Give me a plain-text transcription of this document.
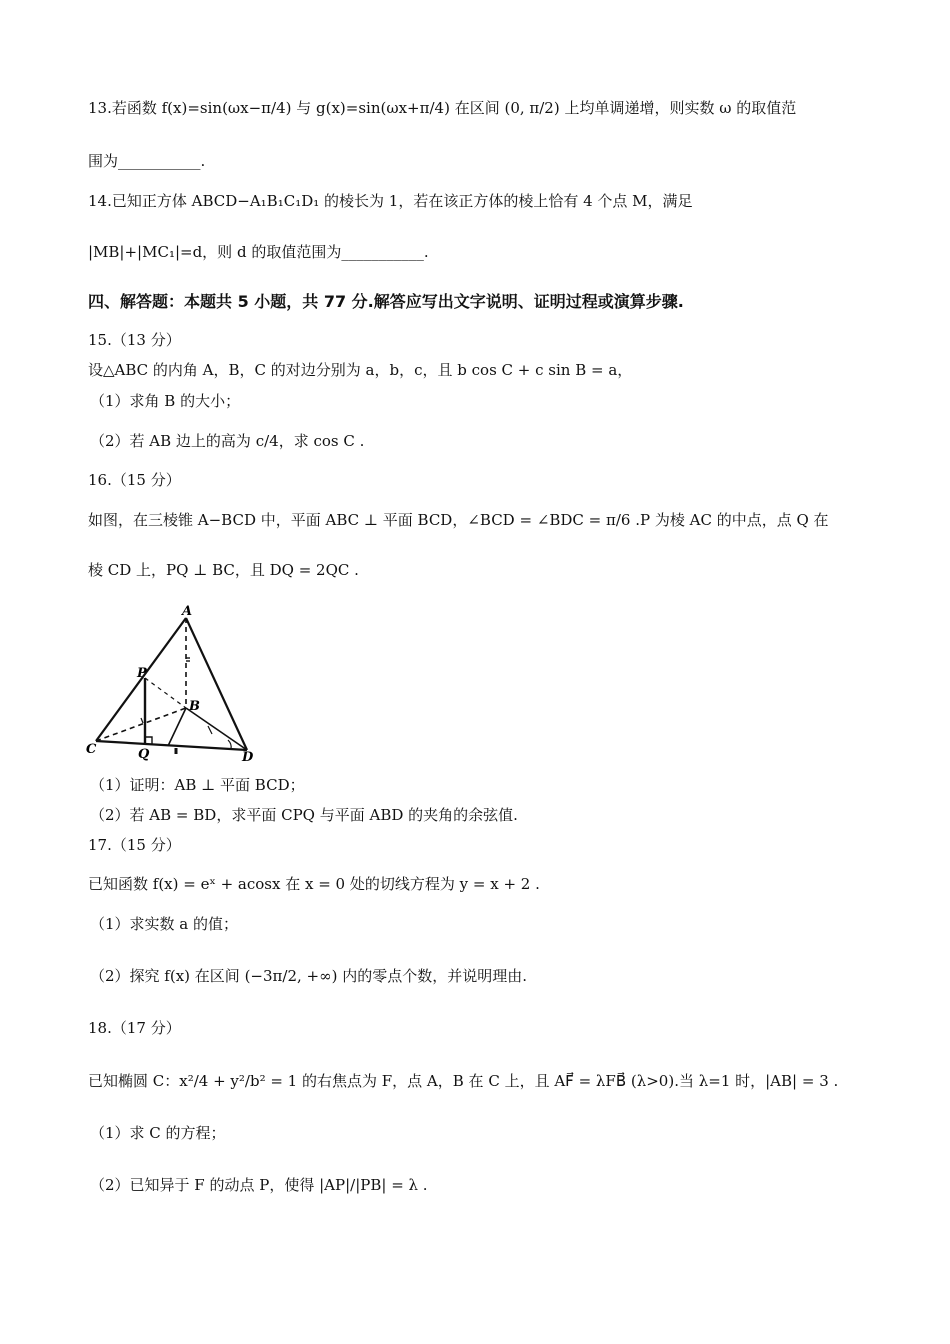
13.若函数 f(x)=sin(ωx−π/4) 与 g(x)=sin(ωx+π/4) 在区间 (0, π/2) 上均单调递增，则实数 ω 的取值范
围为___________.
14.已知正方体 ABCD−A₁B₁C₁D₁ 的棱长为 1，若在该正方体的棱上恰有 4 个点 M，满足
|MB|+|MC₁|=d，则 d 的取值范围为___________.
四、解答题：本题共 5 小题，共 77 分.解答应写出文字说明、证明过程或演算步骤.
15.（13 分）
设△ABC 的内角 A，B，C 的对边分别为 a，b，c，且 b cos C + c sin B = a，
（1）求角 B 的大小；
（2）若 AB 边上的高为 c/4，求 cos C .
16.（15 分）
如图，在三棱锥 A−BCD 中，平面 ABC ⊥ 平面 BCD，∠BCD = ∠BDC = π/6 .P 为棱 AC 的中点，点 Q 在
棱 CD 上，PQ ⊥ BC，且 DQ = 2QC .
A
P
B
C	Q	D
（1）证明：AB ⊥ 平面 BCD；
（2）若 AB = BD，求平面 CPQ 与平面 ABD 的夹角的余弦值.
17.（15 分）
已知函数 f(x) = eˣ + acosx 在 x = 0 处的切线方程为 y = x + 2 .
（1）求实数 a 的值；
（2）探究 f(x) 在区间 (−3π/2, +∞) 内的零点个数，并说明理由.
18.（17 分）
已知椭圆 C：x²/4 + y²/b² = 1 的右焦点为 F，点 A，B 在 C 上，且 AF⃗ = λFB⃗ (λ>0).当 λ=1 时，|AB| = 3 .
（1）求 C 的方程；
（2）已知异于 F 的动点 P，使得 |AP|/|PB| = λ .
